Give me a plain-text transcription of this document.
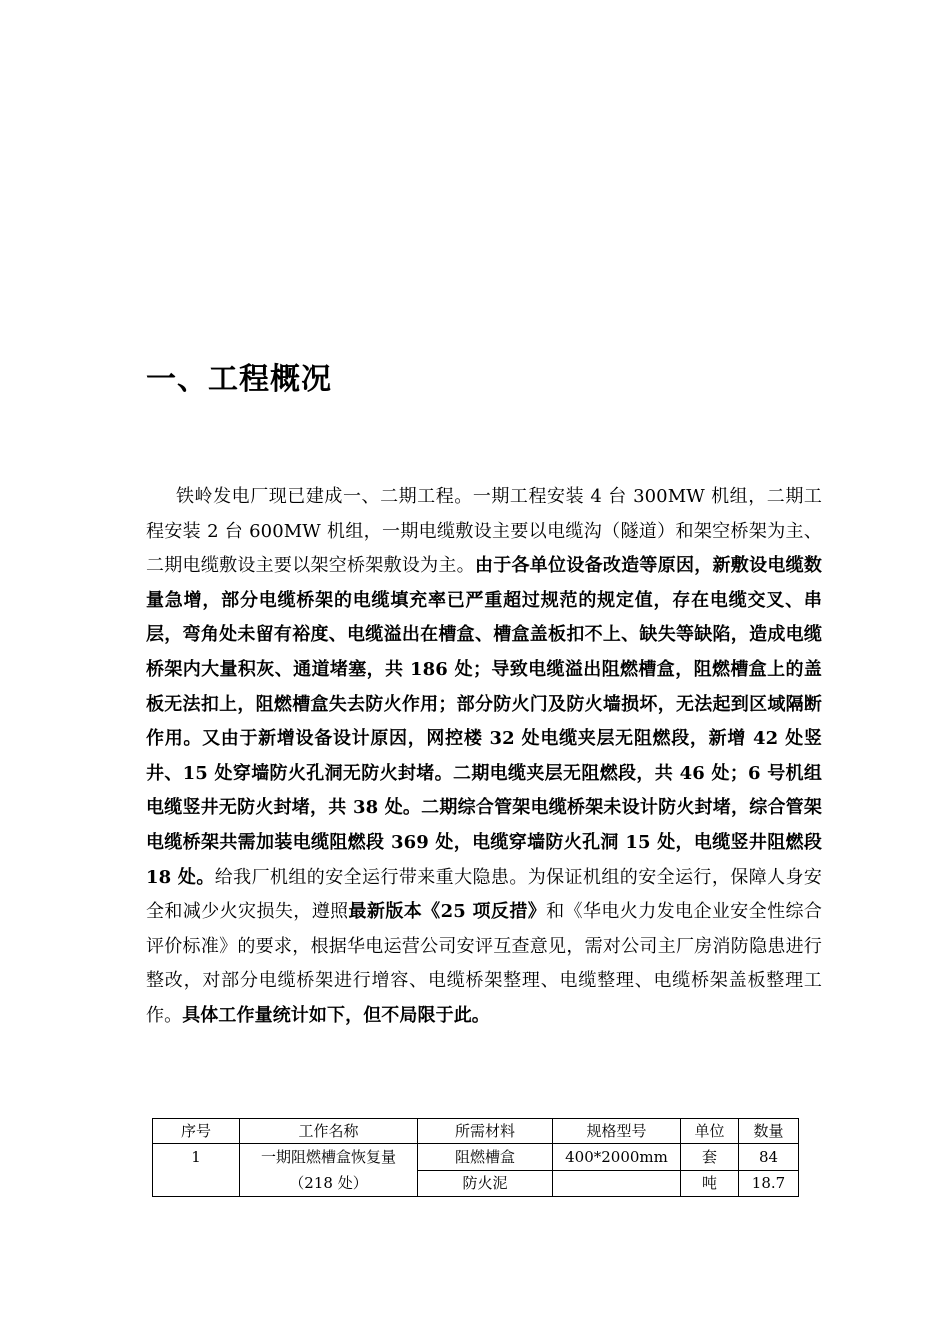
一、工程概况

铁岭发电厂现已建成一、二期工程。一期工程安装 4 台 300MW 机组，二期工程安装 2 台 600MW 机组，一期电缆敷设主要以电缆沟（隧道）和架空桥架为主、二期电缆敷设主要以架空桥架敷设为主。由于各单位设备改造等原因，新敷设电缆数量急增，部分电缆桥架的电缆填充率已严重超过规范的规定值，存在电缆交叉、串层，弯角处未留有裕度、电缆溢出在槽盒、槽盒盖板扣不上、缺失等缺陷，造成电缆桥架内大量积灰、通道堵塞，共 186 处；导致电缆溢出阻燃槽盒，阻燃槽盒上的盖板无法扣上，阻燃槽盒失去防火作用；部分防火门及防火墙损坏，无法起到区域隔断作用。又由于新增设备设计原因，网控楼 32 处电缆夹层无阻燃段，新增 42 处竖井、15 处穿墙防火孔洞无防火封堵。二期电缆夹层无阻燃段，共 46 处；6 号机组电缆竖井无防火封堵，共 38 处。二期综合管架电缆桥架未设计防火封堵，综合管架电缆桥架共需加装电缆阻燃段 369 处，电缆穿墙防火孔洞 15 处，电缆竖井阻燃段 18 处。给我厂机组的安全运行带来重大隐患。为保证机组的安全运行，保障人身安全和减少火灾损失，遵照最新版本《25 项反措》和《华电火力发电企业安全性综合评价标准》的要求，根据华电运营公司安评互查意见，需对公司主厂房消防隐患进行整改，对部分电缆桥架进行增容、电缆桥架整理、电缆整理、电缆桥架盖板整理工作。具体工作量统计如下，但不局限于此。

序号	工作名称	所需材料	规格型号	单位	数量
1	一期阻燃槽盒恢复量
（218 处）	阻燃槽盒	400*2000mm	套	84
		防火泥		吨	18.7
